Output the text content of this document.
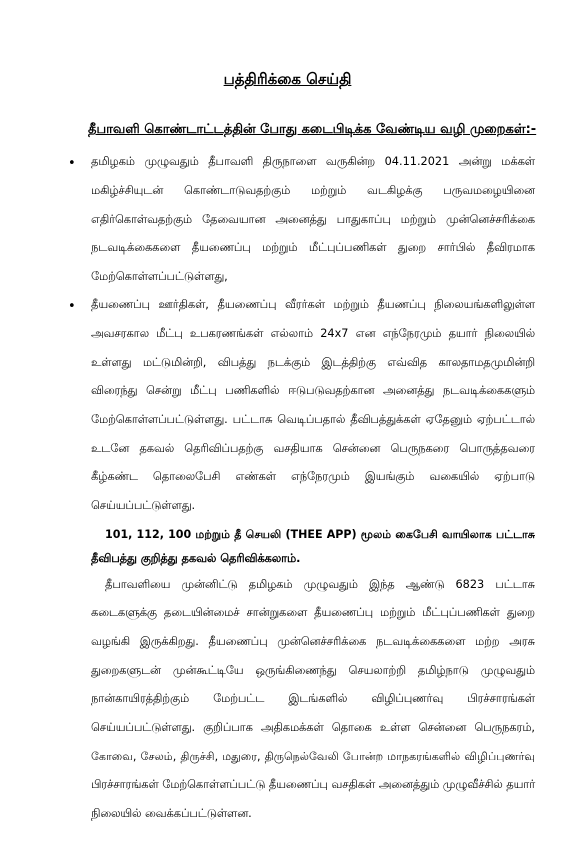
பத்திரிக்கை செய்தி
தீபாவளி கொண்டாட்டத்தின் போது கடைபிடிக்க வேண்டிய வழி முறைகள்:-
• தமிழகம் முழுவதும் தீபாவளி திருநாளை வருகின்ற 04.11.2021 அன்று மக்கள்
மகிழ்ச்சியுடன் கொண்டாடுவதற்கும் மற்றும் வடகிழக்கு பருவமழையினை
எதிர்கொள்வதற்கும் தேவையான அனைத்து பாதுகாப்பு மற்றும் முன்னெச்சரிக்கை
நடவடிக்கைகளை தீயணைப்பு மற்றும் மீட்புப்பணிகள் துறை சார்பில் தீவிரமாக
மேற்கொள்ளப்பட்டுள்ளது,
• தீயணைப்பு ஊர்திகள், தீயணைப்பு வீரர்கள் மற்றும் தீயணப்பு நிலையங்களிலுள்ள
அவசரகால மீட்பு உபகரணங்கள் எல்லாம் 24x7 என எந்நேரமும் தயார் நிலையில்
உள்ளது மட்டுமின்றி, விபத்து நடக்கும் இடத்திற்கு எவ்வித காலதாமதமுமின்றி
விரைந்து சென்று மீட்பு பணிகளில் ஈடுபடுவதற்கான அனைத்து நடவடிக்கைகளும்
மேற்கொள்ளப்பட்டுள்ளது. பட்டாசு வெடிப்பதால் தீவிபத்துக்கள் ஏதேனும் ஏற்பட்டால்
உடனே தகவல் தெரிவிப்பதற்கு வசதியாக சென்னை பெருநகரை பொருத்தவரை
கீழ்கண்ட தொலைபேசி எண்கள் எந்நேரமும் இயங்கும் வகையில் ஏற்பாடு
செய்யப்பட்டுள்ளது.
101, 112, 100 மற்றும் தீ செயலி (THEE APP) மூலம் கைபேசி வாயிலாக பட்டாசு
தீவிபத்து குறித்து தகவல் தெரிவிக்கலாம்.
தீபாவளியை முன்னிட்டு தமிழகம் முழுவதும் இந்த ஆண்டு 6823 பட்டாசு
கடைகளுக்கு தடையின்மைச் சான்றுகளை தீயணைப்பு மற்றும் மீட்புப்பணிகள் துறை
வழங்கி இருக்கிறது. தீயணைப்பு முன்னெச்சரிக்கை நடவடிக்கைகளை மற்ற அரசு
துறைகளுடன் முன்கூட்டியே ஒருங்கிணைந்து செயலாற்றி தமிழ்நாடு முழுவதும்
நான்காயிரத்திற்கும் மேற்பட்ட இடங்களில் விழிப்புணர்வு பிரச்சாரங்கள்
செய்யப்பட்டுள்ளது. குறிப்பாக அதிகமக்கள் தொகை உள்ள சென்னை பெருநகரம்,
கோவை, சேலம், திருச்சி, மதுரை, திருநெல்வேலி போன்ற மாநகரங்களில் விழிப்புணர்வு
பிரச்சாரங்கள் மேற்கொள்ளப்பட்டு தீயணைப்பு வசதிகள் அனைத்தும் முழுவீச்சில் தயார்
நிலையில் வைக்கப்பட்டுள்ளன.
